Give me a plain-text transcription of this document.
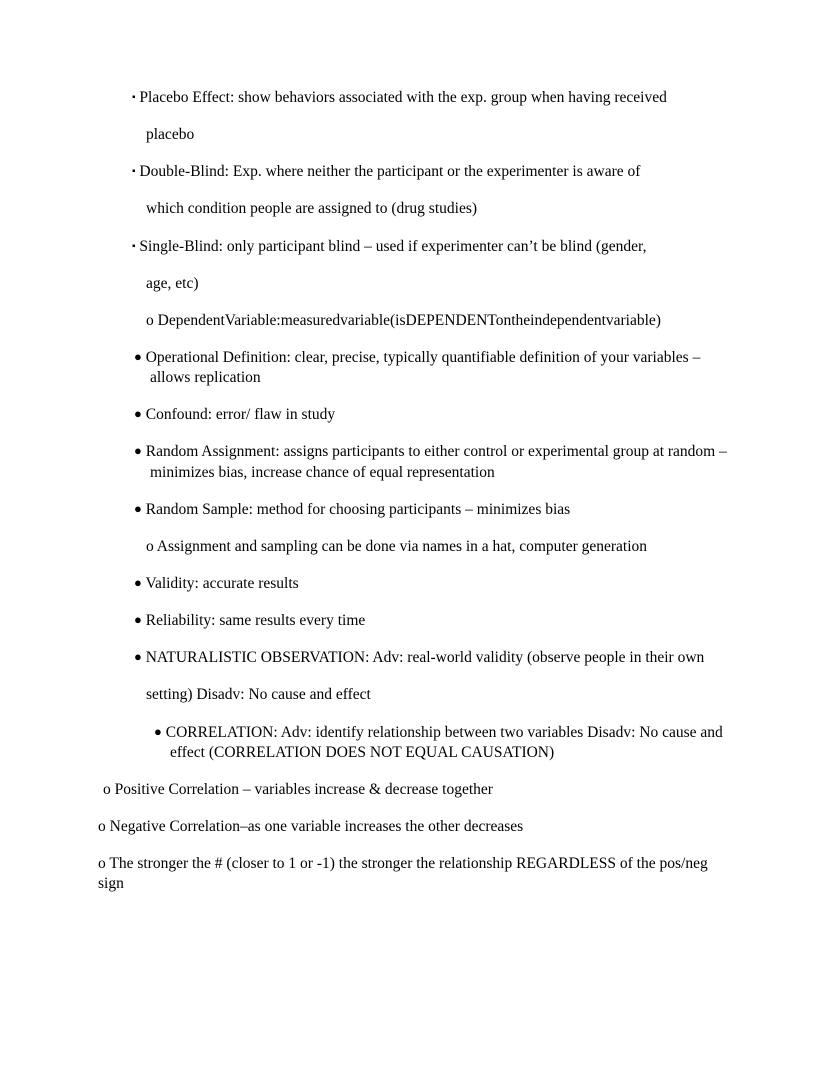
▪ Placebo Effect: show behaviors associated with the exp. group when having received

placebo

▪ Double-Blind: Exp. where neither the participant or the experimenter is aware of

which condition people are assigned to (drug studies)

▪ Single-Blind: only participant blind – used if experimenter can’t be blind (gender,

age, etc)

o DependentVariable:measuredvariable(isDEPENDENTontheindependentvariable)

● Operational Definition: clear, precise, typically quantifiable definition of your variables – allows replication

● Confound: error/ flaw in study

● Random Assignment: assigns participants to either control or experimental group at random – minimizes bias, increase chance of equal representation

● Random Sample: method for choosing participants – minimizes bias

o Assignment and sampling can be done via names in a hat, computer generation

● Validity: accurate results

● Reliability: same results every time

● NATURALISTIC OBSERVATION: Adv: real-world validity (observe people in their own

setting) Disadv: No cause and effect

● CORRELATION: Adv: identify relationship between two variables Disadv: No cause and effect (CORRELATION DOES NOT EQUAL CAUSATION)

o Positive Correlation – variables increase & decrease together

o Negative Correlation–as one variable increases the other decreases

o The stronger the # (closer to 1 or -1) the stronger the relationship REGARDLESS of the pos/neg sign
